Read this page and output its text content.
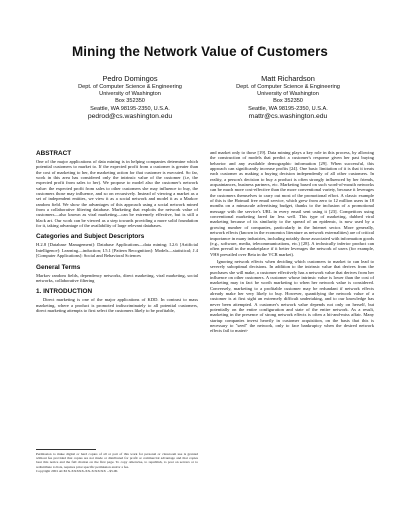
Mining the Network Value of Customers
Pedro Domingos
Dept. of Computer Science & Engineering
University of Washington
Box 352350
Seattle, WA 98195-2350, U.S.A.
pedrod@cs.washington.edu
Matt Richardson
Dept. of Computer Science & Engineering
University of Washington
Box 352350
Seattle, WA 98195-2350, U.S.A.
mattr@cs.washington.edu
ABSTRACT
One of the major applications of data mining is in helping companies determine which potential customers to market to. If the expected profit from a customer is greater than the cost of marketing to her, the marketing action for that customer is executed. So far, work in this area has considered only the intrinsic value of the customer (i.e, the expected profit from sales to her). We propose to model also the customer's network value: the expected profit from sales to other customers she may influence to buy, the customers those may influence, and so on recursively. Instead of viewing a market as a set of independent entities, we view it as a social network and model it as a Markov random field. We show the advantages of this approach using a social network mined from a collaborative filtering database. Marketing that exploits the network value of customers—also known as viral marketing—can be extremely effective, but is still a black art. Our work can be viewed as a step towards providing a more solid foundation for it, taking advantage of the availability of large relevant databases.
Categories and Subject Descriptors
H.2.8 [Database Management]: Database Applications—data mining; I.2.6 [Artificial Intelligence]: Learning—induction; I.5.1 [Pattern Recognition]: Models—statistical; J.4 [Computer Applications]: Social and Behavioral Sciences
General Terms
Markov random fields, dependency networks, direct marketing, viral marketing, social networks, collaborative filtering
1. INTRODUCTION
Direct marketing is one of the major applications of KDD. In contrast to mass marketing, where a product is promoted indiscriminately to all potential customers, direct marketing attempts to first select the customers likely to be profitable,
Permission to make digital or hard copies of all or part of this work for personal or classroom use is granted without fee provided that copies are not made or distributed for profit or commercial advantage and that copies bear this notice and the full citation on the first page. To copy otherwise, to republish, to post on servers or to redistribute to lists, requires prior specific permission and/or a fee.
Copyright 2001 ACM X-XXXXX-XX-X/XX/XX ...$5.00.
and market only to those [19]. Data mining plays a key role in this process, by allowing the construction of models that predict a customer's response given her past buying behavior and any available demographic information [29]. When successful, this approach can significantly increase profits [24]. One basic limitation of it is that it treats each customer as making a buying decision independently of all other customers. In reality, a person's decision to buy a product is often strongly influenced by her friends, acquaintances, business partners, etc. Marketing based on such word-of-mouth networks can be much more cost-effective than the more conventional variety, because it leverages the customers themselves to carry out most of the promotional effort. A classic example of this is the Hotmail free email service, which grew from zero to 12 million users in 18 months on a minuscule advertising budget, thanks to the inclusion of a promotional message with the service's URL in every email sent using it [23]. Competitors using conventional marketing fared far less well. This type of marketing, dubbed viral marketing because of its similarity to the spread of an epidemic, is now used by a growing number of companies, particularly in the Internet sector. More generally, network effects (known in the economics literature as network externalities) are of critical importance in many industries, including notably those associated with information goods (e.g., software, media, telecommunications, etc.) [28]. A technically inferior product can often prevail in the marketplace if it better leverages the network of users (for example, VHS prevailed over Beta in the VCR market).
Ignoring network effects when deciding which customers to market to can lead to severely suboptimal decisions. In addition to the intrinsic value that derives from the purchases she will make, a customer effectively has a network value that derives from her influence on other customers. A customer whose intrinsic value is lower than the cost of marketing may in fact be worth marketing to when her network value is considered. Conversely, marketing to a profitable customer may be redundant if network effects already make her very likely to buy. However, quantifying the network value of a customer is at first sight an extremely difficult undertaking, and to our knowledge has never been attempted. A customer's network value depends not only on herself, but potentially on the entire configuration and state of the entire network. As a result, marketing in the presence of strong network effects is often a hit-and-miss affair. Many startup companies invest heavily in customer acquisition, on the basis that this is necessary to "seed" the network, only to face bankruptcy when the desired network effects fail to materi-
